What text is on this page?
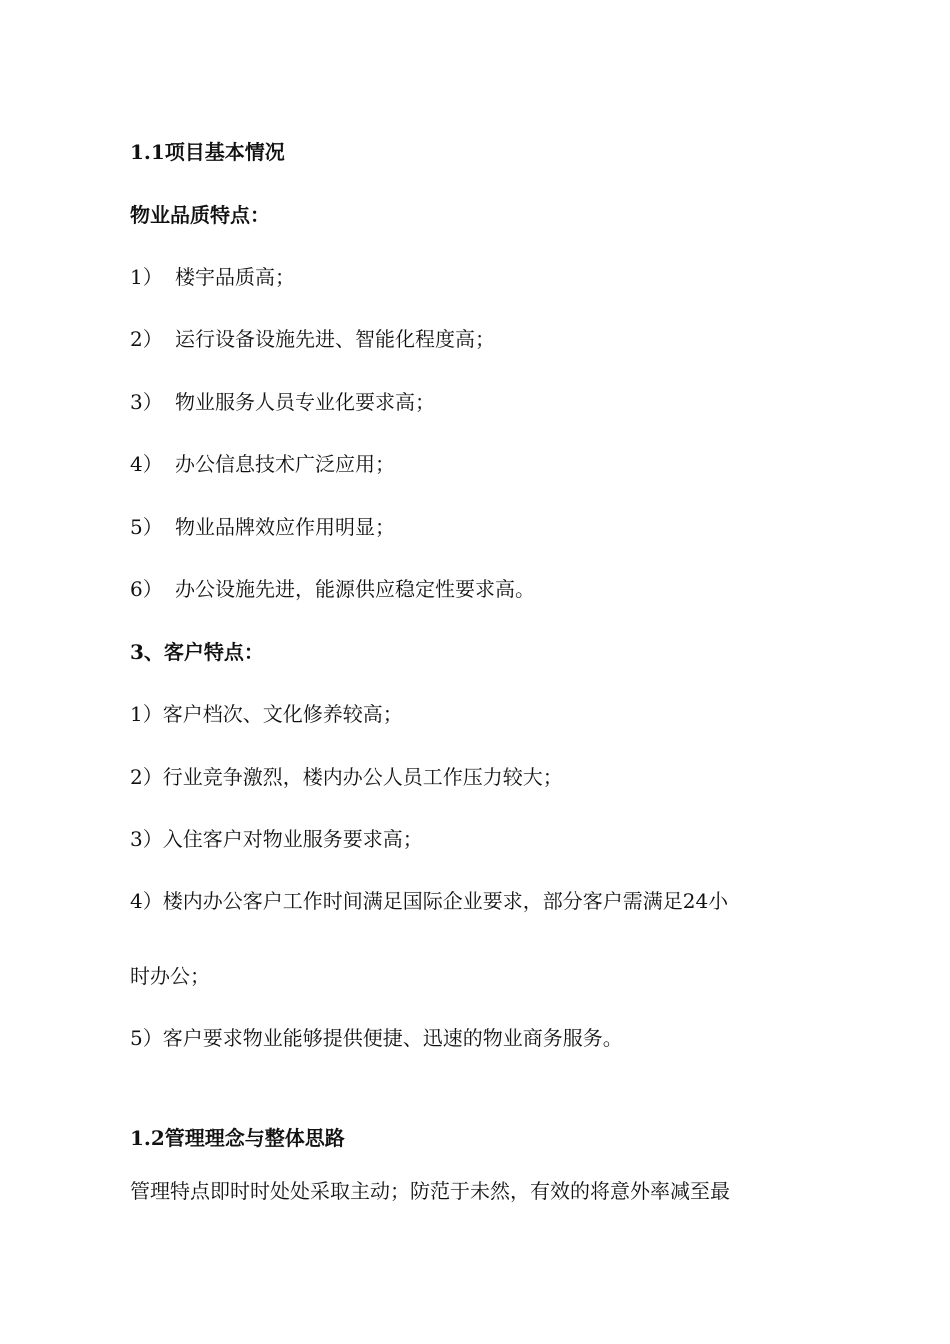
1.1项目基本情况
物业品质特点：
1） 楼宇品质高；
2） 运行设备设施先进、智能化程度高；
3） 物业服务人员专业化要求高；
4） 办公信息技术广泛应用；
5） 物业品牌效应作用明显；
6） 办公设施先进，能源供应稳定性要求高。
3、客户特点：
1）客户档次、文化修养较高；
2）行业竞争激烈，楼内办公人员工作压力较大；
3）入住客户对物业服务要求高；
4）楼内办公客户工作时间满足国际企业要求，部分客户需满足24小
时办公；
5）客户要求物业能够提供便捷、迅速的物业商务服务。
1.2管理理念与整体思路
管理特点即时时处处采取主动；防范于未然，有效的将意外率减至最
